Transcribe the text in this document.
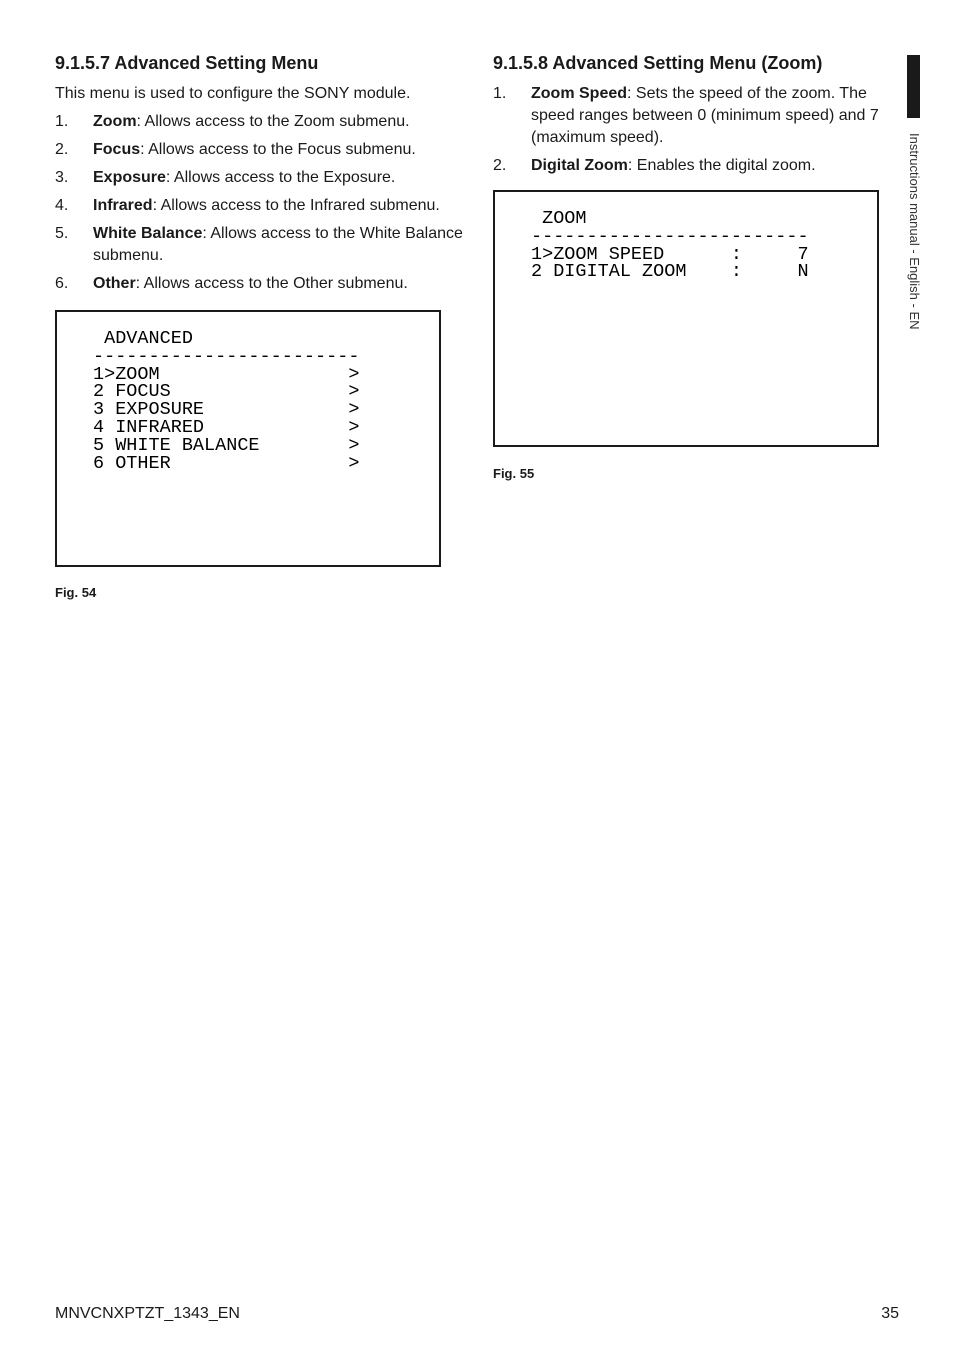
Instructions manual - English - EN
9.1.5.7 Advanced Setting Menu

This menu is used to configure the SONY module.

1. Zoom: Allows access to the Zoom submenu.
2. Focus: Allows access to the Focus submenu.
3. Exposure: Allows access to the Exposure.
4. Infrared: Allows access to the Infrared submenu.
5. White Balance: Allows access to the White Balance submenu.
6. Other: Allows access to the Other submenu.
9.1.5.8 Advanced Setting Menu (Zoom)
1. Zoom Speed: Sets the speed of the zoom. The speed ranges between 0 (minimum speed) and 7 (maximum speed).
2. Digital Zoom: Enables the digital zoom.
ADVANCED
------------------------
1>ZOOM                 >
2 FOCUS                >
3 EXPOSURE             >
4 INFRARED             >
5 WHITE BALANCE        >
6 OTHER                >
Fig. 54
ZOOM
-------------------------
1>ZOOM SPEED      :     7
2 DIGITAL ZOOM    :     N
Fig. 55
MNVCNXPTZT_1343_EN	35
